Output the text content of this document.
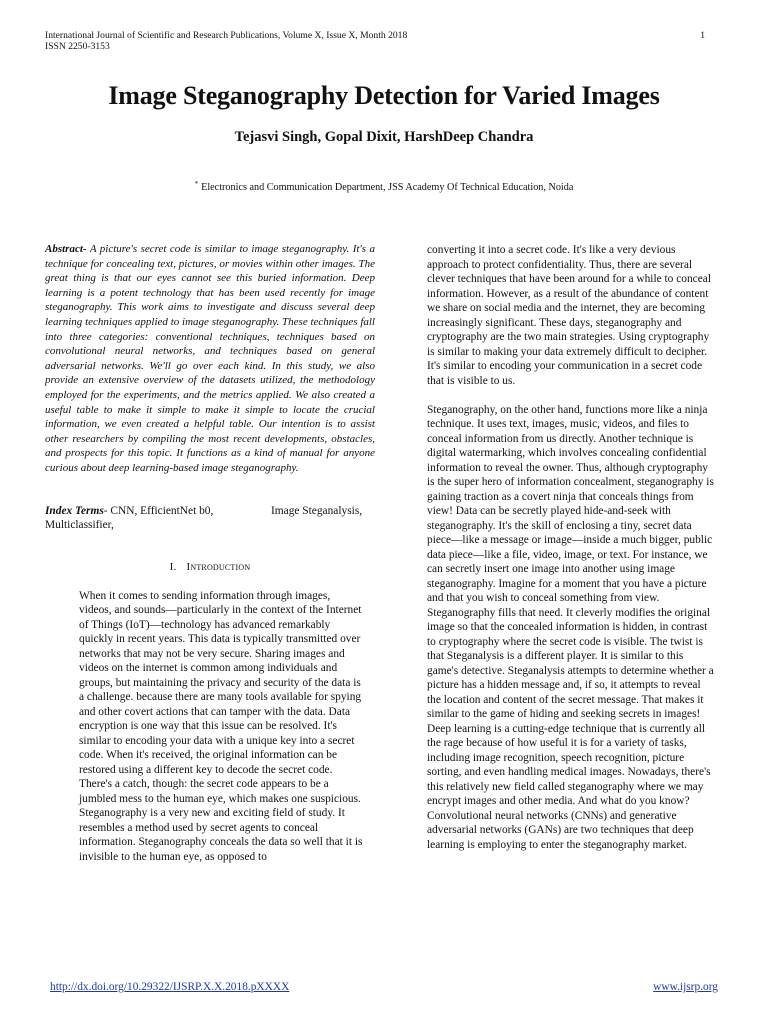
International Journal of Scientific and Research Publications, Volume X, Issue X, Month 2018
ISSN 2250-3153
1
Image Steganography Detection for Varied Images
Tejasvi Singh, Gopal Dixit, HarshDeep Chandra
* Electronics and Communication Department, JSS Academy Of Technical Education, Noida

Abstract- A picture's secret code is similar to image steganography. It's a technique for concealing text, pictures, or movies within other images. The great thing is that our eyes cannot see this buried information. Deep learning is a potent technology that has been used recently for image steganography. This work aims to investigate and discuss several deep learning techniques applied to image steganography. These techniques fall into three categories: conventional techniques, techniques based on convolutional neural networks, and techniques based on general adversarial networks. We'll go over each kind. In this study, we also provide an extensive overview of the datasets utilized, the methodology employed for the experiments, and the metrics applied. We also created a useful table to make it simple to make it simple to locate the crucial information, we even created a helpful table. Our intention is to assist other researchers by compiling the most recent developments, obstacles, and prospects for this topic. It functions as a kind of manual for anyone curious about deep learning-based image steganography.

Index Terms- CNN, EfficientNet b0,	Image Steganalysis,
Multiclassifier,
I. Introduction
When it comes to sending information through images, videos, and sounds—particularly in the context of the Internet of Things (IoT)—technology has advanced remarkably quickly in recent years. This data is typically transmitted over networks that may not be very secure. Sharing images and videos on the internet is common among individuals and groups, but maintaining the privacy and security of the data is a challenge. because there are many tools available for spying and other covert actions that can tamper with the data. Data encryption is one way that this issue can be resolved. It's similar to encoding your data with a unique key into a secret code. When it's received, the original information can be restored using a different key to decode the secret code. There's a catch, though: the secret code appears to be a jumbled mess to the human eye, which makes one suspicious. Steganography is a very new and exciting field of study. It resembles a method used by secret agents to conceal information. Steganography conceals the data so well that it is invisible to the human eye, as opposed to

converting it into a secret code. It's like a very devious approach to protect confidentiality. Thus, there are several clever techniques that have been around for a while to conceal information. However, as a result of the abundance of content we share on social media and the internet, they are becoming increasingly significant. These days, steganography and cryptography are the two main strategies. Using cryptography is similar to making your data extremely difficult to decipher. It's similar to encoding your communication in a secret code that is visible to us.

Steganography, on the other hand, functions more like a ninja technique. It uses text, images, music, videos, and files to conceal information from us directly. Another technique is digital watermarking, which involves concealing confidential information to reveal the owner. Thus, although cryptography is the super hero of information concealment, steganography is gaining traction as a covert ninja that conceals things from view! Data can be secretly played hide-and-seek with steganography. It's the skill of enclosing a tiny, secret data piece—like a message or image—inside a much bigger, public data piece—like a file, video, image, or text. For instance, we can secretly insert one image into another using image steganography. Imagine for a moment that you have a picture and that you wish to conceal something from view. Steganography fills that need. It cleverly modifies the original image so that the concealed information is hidden, in contrast to cryptography where the secret code is visible. The twist is that Steganalysis is a different player. It is similar to this game's detective. Steganalysis attempts to determine whether a picture has a hidden message and, if so, it attempts to reveal the location and content of the secret message. That makes it similar to the game of hiding and seeking secrets in images! Deep learning is a cutting-edge technique that is currently all the rage because of how useful it is for a variety of tasks, including image recognition, speech recognition, picture sorting, and even handling medical images. Nowadays, there's this relatively new field called steganography where we may encrypt images and other media. And what do you know? Convolutional neural networks (CNNs) and generative adversarial networks (GANs) are two techniques that deep learning is employing to enter the steganography market.

http://dx.doi.org/10.29322/IJSRP.X.X.2018.pXXXX	www.ijsrp.org
